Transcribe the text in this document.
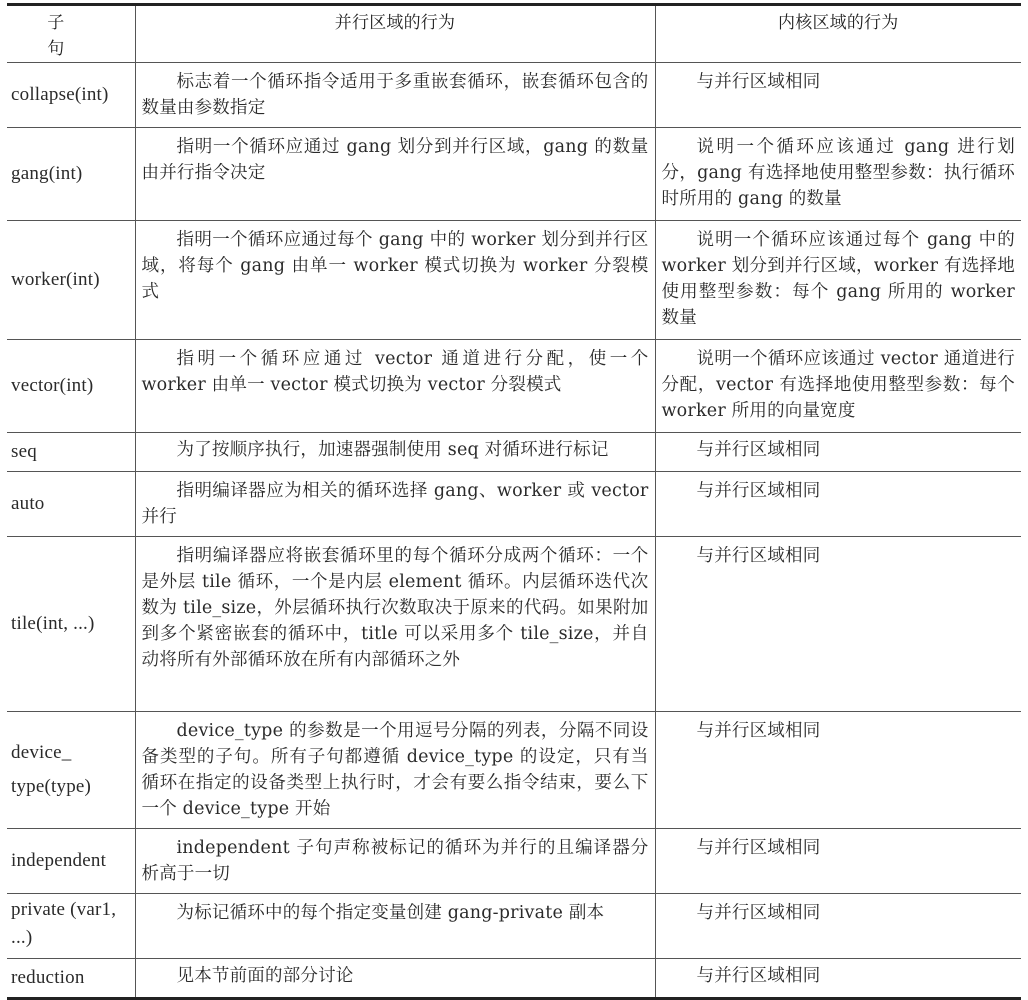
子　　　句	并行区域的行为	内核区域的行为
collapse(int)	标志着一个循环指令适用于多重嵌套循环，嵌套循环包含的数量由参数指定	与并行区域相同

gang(int)	指明一个循环应通过 gang 划分到并行区域，gang 的数量由并行指令决定	说明一个循环应该通过 gang 进行划分，gang 有选择地使用整型参数：执行循环时所用的 gang 的数量

worker(int)	指明一个循环应通过每个 gang 中的 worker 划分到并行区域，将每个 gang 由单一 worker 模式切换为 worker 分裂模式	说明一个循环应该通过每个 gang 中的 worker 划分到并行区域，worker 有选择地使用整型参数：每个 gang 所用的 worker 数量

vector(int)	指明一个循环应通过 vector 通道进行分配，使一个 worker 由单一 vector 模式切换为 vector 分裂模式	说明一个循环应该通过 vector 通道进行分配，vector 有选择地使用整型参数：每个 worker 所用的向量宽度

seq	为了按顺序执行，加速器强制使用 seq 对循环进行标记	与并行区域相同

auto	指明编译器应为相关的循环选择 gang、worker 或 vector 并行	与并行区域相同

tile(int, ...)	指明编译器应将嵌套循环里的每个循环分成两个循环：一个是外层 tile 循环，一个是内层 element 循环。内层循环迭代次数为 tile_size，外层循环执行次数取决于原来的代码。如果附加到多个紧密嵌套的循环中，title 可以采用多个 tile_size，并自动将所有外部循环放在所有内部循环之外	与并行区域相同

device_ type(type)	device_type 的参数是一个用逗号分隔的列表，分隔不同设备类型的子句。所有子句都遵循 device_type 的设定，只有当循环在指定的设备类型上执行时，才会有要么指令结束，要么下一个 device_type 开始	与并行区域相同

independent	independent 子句声称被标记的循环为并行的且编译器分析高于一切	与并行区域相同

private (var1, ...)	为标记循环中的每个指定变量创建 gang-private 副本	与并行区域相同

reduction	见本节前面的部分讨论	与并行区域相同
